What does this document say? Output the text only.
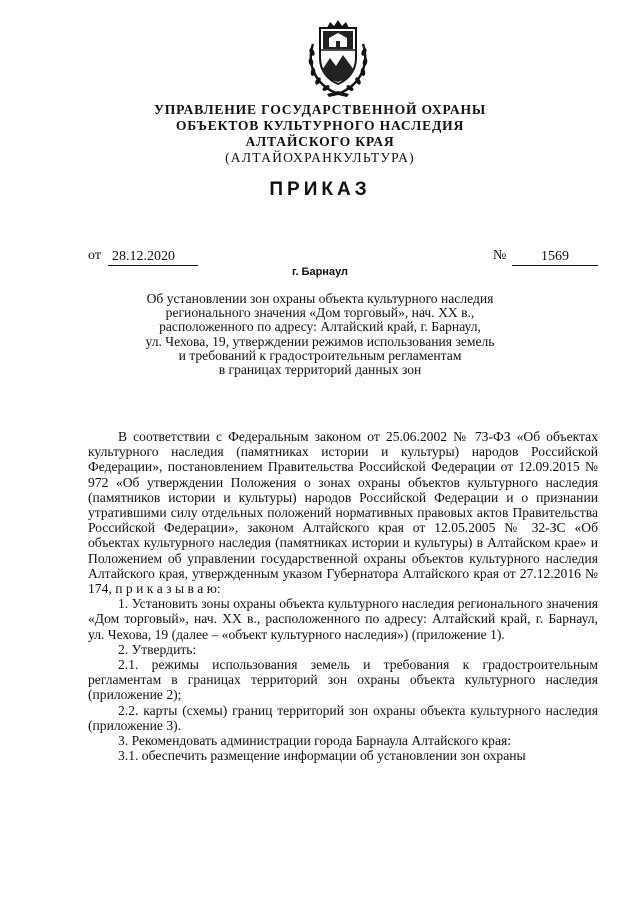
УПРАВЛЕНИЕ ГОСУДАРСТВЕННОЙ ОХРАНЫ
ОБЪЕКТОВ КУЛЬТУРНОГО НАСЛЕДИЯ
АЛТАЙСКОГО КРАЯ
(АЛТАЙОХРАНКУЛЬТУРА)
ПРИКАЗ
от 28.12.2020	№	1569
г. Барнаул
Об установлении зон охраны объекта культурного наследия
регионального значения «Дом торговый», нач. XX в.,
расположенного по адресу: Алтайский край, г. Барнаул,
ул. Чехова, 19, утверждении режимов использования земель
и требований к градостроительным регламентам
в границах территорий данных зон

В соответствии с Федеральным законом от 25.06.2002 № 73-ФЗ «Об объектах культурного наследия (памятниках истории и культуры) народов Российской Федерации», постановлением Правительства Российской Федерации от 12.09.2015 № 972 «Об утверждении Положения о зонах охраны объектов культурного наследия (памятников истории и культуры) народов Российской Федерации и о признании утратившими силу отдельных положений нормативных правовых актов Правительства Российской Федерации», законом Алтайского края от 12.05.2005 № 32-ЗС «Об объектах культурного наследия (памятниках истории и культуры) в Алтайском крае» и Положением об управлении государственной охраны объектов культурного наследия Алтайского края, утвержденным указом Губернатора Алтайского края от 27.12.2016 № 174, п р и к а з ы в а ю:

1. Установить зоны охраны объекта культурного наследия регионального значения «Дом торговый», нач. XX в., расположенного по адресу: Алтайский край, г. Барнаул, ул. Чехова, 19 (далее – «объект культурного наследия») (приложение 1).

2. Утвердить:

2.1. режимы использования земель и требования к градостроительным регламентам в границах территорий зон охраны объекта культурного наследия (приложение 2);

2.2. карты (схемы) границ территорий зон охраны объекта культурного наследия (приложение 3).

3. Рекомендовать администрации города Барнаула Алтайского края:

3.1. обеспечить размещение информации об установлении зон охраны
